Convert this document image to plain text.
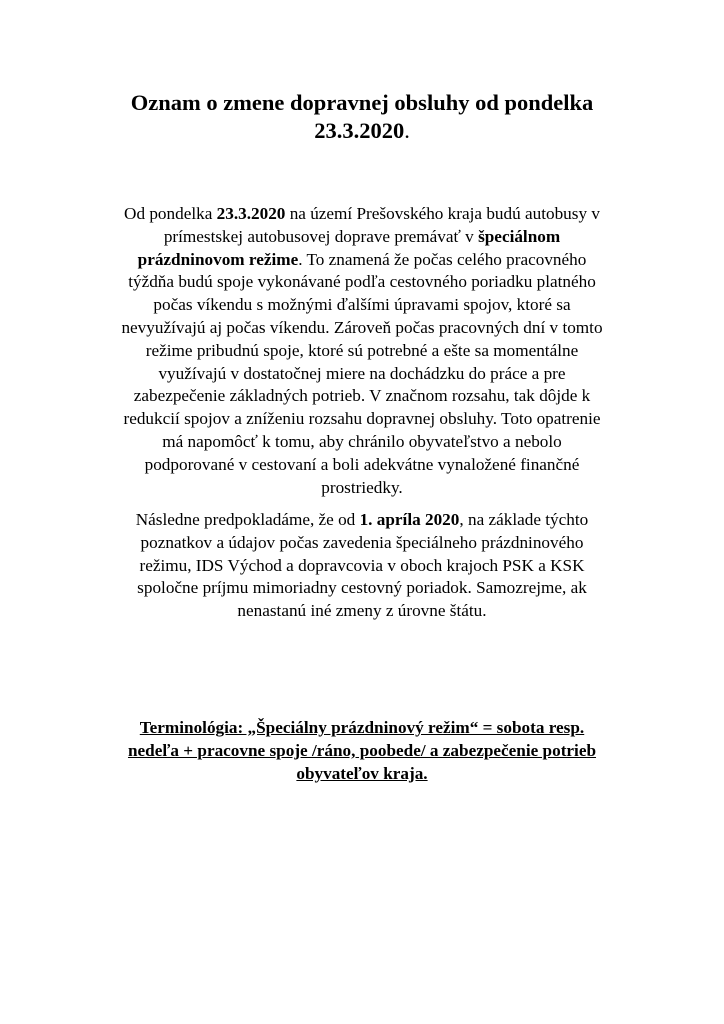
Oznam o zmene dopravnej obsluhy od pondelka
23.3.2020.
Od pondelka 23.3.2020 na území Prešovského kraja budú autobusy v
prímestskej autobusovej doprave premávať v špeciálnom
prázdninovom režime. To znamená že počas celého pracovného
týždňa budú spoje vykonávané podľa cestovného poriadku platného
počas víkendu s možnými ďalšími úpravami spojov, ktoré sa
nevyužívajú aj počas víkendu. Zároveň počas pracovných dní v tomto
režime pribudnú spoje, ktoré sú potrebné a ešte sa momentálne
využívajú v dostatočnej miere na dochádzku do práce a pre
zabezpečenie základných potrieb. V značnom rozsahu, tak dôjde k
redukcií spojov a zníženiu rozsahu dopravnej obsluhy. Toto opatrenie
má napomôcť k tomu, aby chránilo obyvateľstvo a nebolo
podporované v cestovaní a boli adekvátne vynaložené finančné
prostriedky.
Následne predpokladáme, že od 1. apríla 2020, na základe týchto
poznatkov a údajov počas zavedenia špeciálneho prázdninového
režimu, IDS Východ a dopravcovia v oboch krajoch PSK a KSK
spoločne príjmu mimoriadny cestovný poriadok. Samozrejme, ak
nenastanú iné zmeny z úrovne štátu.
Terminológia: „Špeciálny prázdninový režim“ = sobota resp.
nedeľa + pracovne spoje /ráno, poobede/ a zabezpečenie potrieb
obyvateľov kraja.
